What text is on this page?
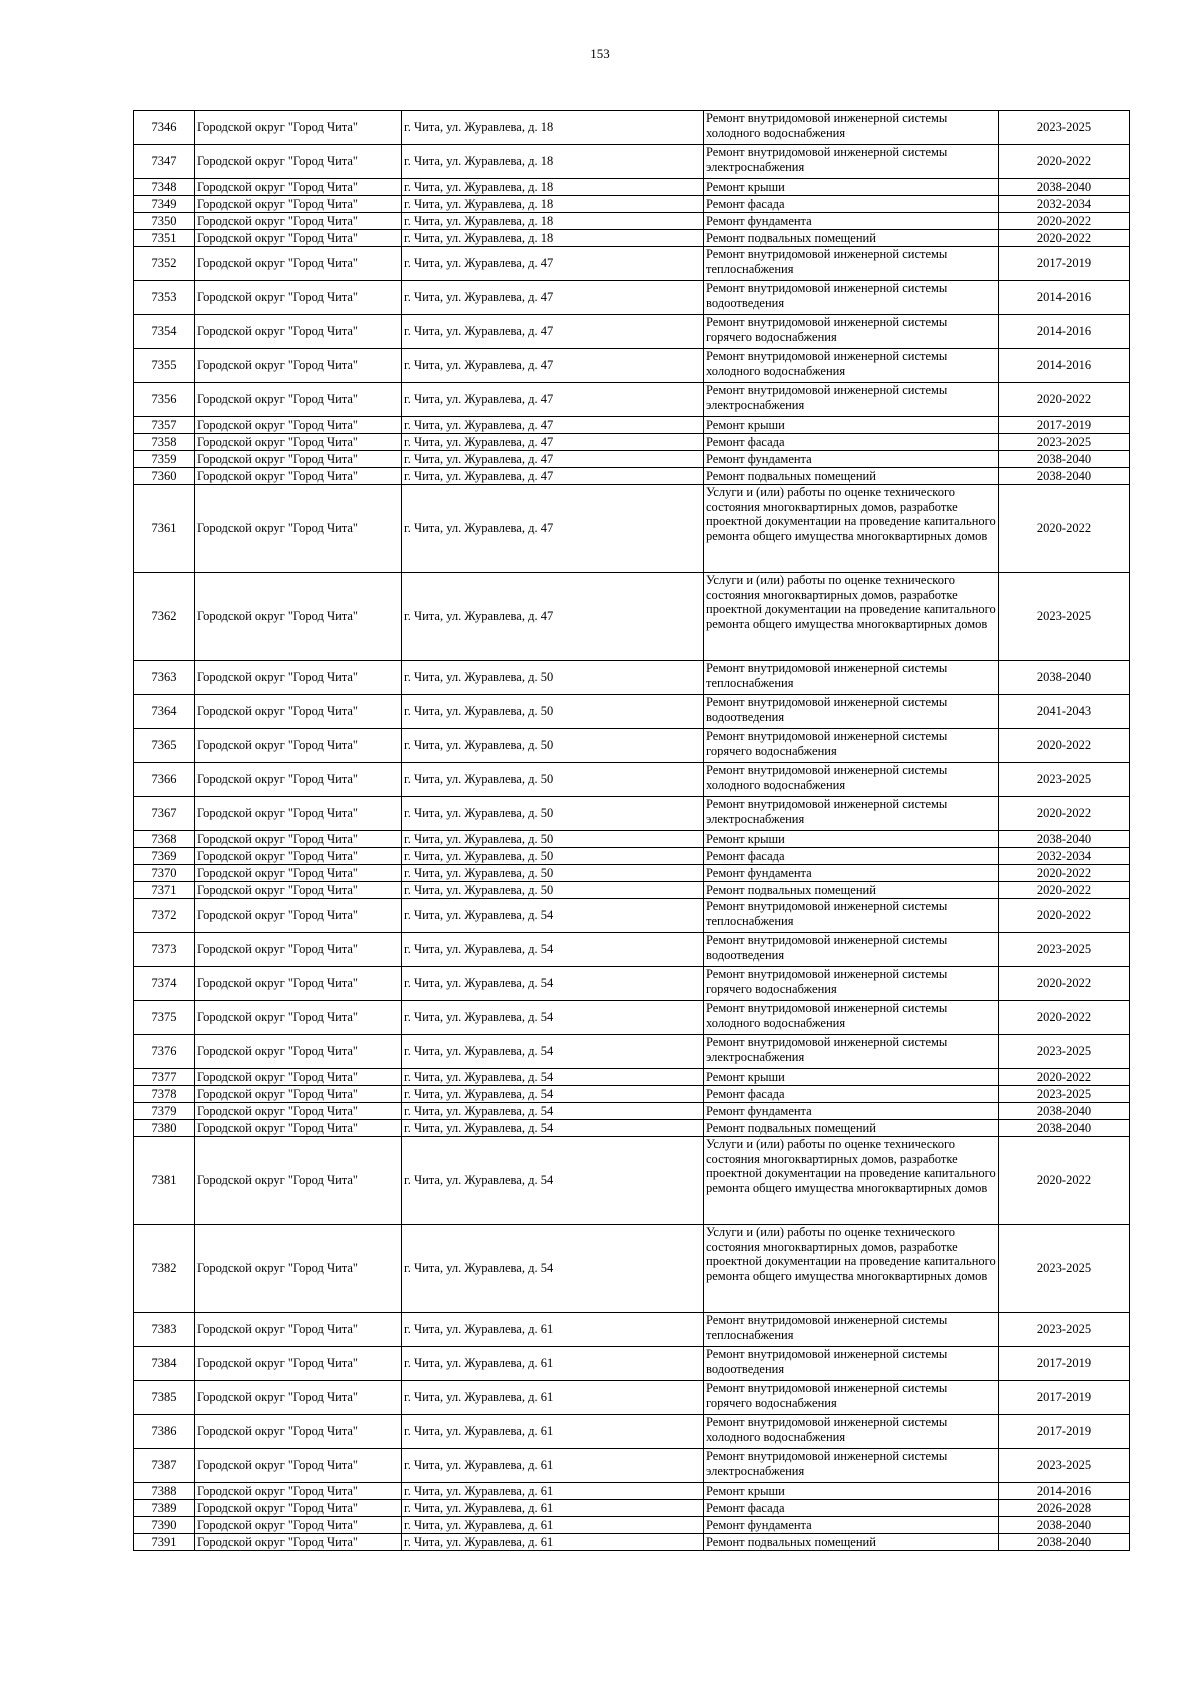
153
7346	Городской округ "Город Чита"	г. Чита, ул. Журавлева, д. 18	Ремонт внутридомовой инженерной системы холодного водоснабжения	2023-2025
7347	Городской округ "Город Чита"	г. Чита, ул. Журавлева, д. 18	Ремонт внутридомовой инженерной системы электроснабжения	2020-2022
7348	Городской округ "Город Чита"	г. Чита, ул. Журавлева, д. 18	Ремонт крыши	2038-2040
7349	Городской округ "Город Чита"	г. Чита, ул. Журавлева, д. 18	Ремонт фасада	2032-2034
7350	Городской округ "Город Чита"	г. Чита, ул. Журавлева, д. 18	Ремонт фундамента	2020-2022
7351	Городской округ "Город Чита"	г. Чита, ул. Журавлева, д. 18	Ремонт подвальных помещений	2020-2022
7352	Городской округ "Город Чита"	г. Чита, ул. Журавлева, д. 47	Ремонт внутридомовой инженерной системы теплоснабжения	2017-2019
7353	Городской округ "Город Чита"	г. Чита, ул. Журавлева, д. 47	Ремонт внутридомовой инженерной системы водоотведения	2014-2016
7354	Городской округ "Город Чита"	г. Чита, ул. Журавлева, д. 47	Ремонт внутридомовой инженерной системы горячего водоснабжения	2014-2016
7355	Городской округ "Город Чита"	г. Чита, ул. Журавлева, д. 47	Ремонт внутридомовой инженерной системы холодного водоснабжения	2014-2016
7356	Городской округ "Город Чита"	г. Чита, ул. Журавлева, д. 47	Ремонт внутридомовой инженерной системы электроснабжения	2020-2022
7357	Городской округ "Город Чита"	г. Чита, ул. Журавлева, д. 47	Ремонт крыши	2017-2019
7358	Городской округ "Город Чита"	г. Чита, ул. Журавлева, д. 47	Ремонт фасада	2023-2025
7359	Городской округ "Город Чита"	г. Чита, ул. Журавлева, д. 47	Ремонт фундамента	2038-2040
7360	Городской округ "Город Чита"	г. Чита, ул. Журавлева, д. 47	Ремонт подвальных помещений	2038-2040
7361	Городской округ "Город Чита"	г. Чита, ул. Журавлева, д. 47	Услуги и (или) работы по оценке технического состояния многоквартирных домов, разработке проектной документации на проведение капитального ремонта общего имущества многоквартирных домов	2020-2022
7362	Городской округ "Город Чита"	г. Чита, ул. Журавлева, д. 47	Услуги и (или) работы по оценке технического состояния многоквартирных домов, разработке проектной документации на проведение капитального ремонта общего имущества многоквартирных домов	2023-2025
7363	Городской округ "Город Чита"	г. Чита, ул. Журавлева, д. 50	Ремонт внутридомовой инженерной системы теплоснабжения	2038-2040
7364	Городской округ "Город Чита"	г. Чита, ул. Журавлева, д. 50	Ремонт внутридомовой инженерной системы водоотведения	2041-2043
7365	Городской округ "Город Чита"	г. Чита, ул. Журавлева, д. 50	Ремонт внутридомовой инженерной системы горячего водоснабжения	2020-2022
7366	Городской округ "Город Чита"	г. Чита, ул. Журавлева, д. 50	Ремонт внутридомовой инженерной системы холодного водоснабжения	2023-2025
7367	Городской округ "Город Чита"	г. Чита, ул. Журавлева, д. 50	Ремонт внутридомовой инженерной системы электроснабжения	2020-2022
7368	Городской округ "Город Чита"	г. Чита, ул. Журавлева, д. 50	Ремонт крыши	2038-2040
7369	Городской округ "Город Чита"	г. Чита, ул. Журавлева, д. 50	Ремонт фасада	2032-2034
7370	Городской округ "Город Чита"	г. Чита, ул. Журавлева, д. 50	Ремонт фундамента	2020-2022
7371	Городской округ "Город Чита"	г. Чита, ул. Журавлева, д. 50	Ремонт подвальных помещений	2020-2022
7372	Городской округ "Город Чита"	г. Чита, ул. Журавлева, д. 54	Ремонт внутридомовой инженерной системы теплоснабжения	2020-2022
7373	Городской округ "Город Чита"	г. Чита, ул. Журавлева, д. 54	Ремонт внутридомовой инженерной системы водоотведения	2023-2025
7374	Городской округ "Город Чита"	г. Чита, ул. Журавлева, д. 54	Ремонт внутридомовой инженерной системы горячего водоснабжения	2020-2022
7375	Городской округ "Город Чита"	г. Чита, ул. Журавлева, д. 54	Ремонт внутридомовой инженерной системы холодного водоснабжения	2020-2022
7376	Городской округ "Город Чита"	г. Чита, ул. Журавлева, д. 54	Ремонт внутридомовой инженерной системы электроснабжения	2023-2025
7377	Городской округ "Город Чита"	г. Чита, ул. Журавлева, д. 54	Ремонт крыши	2020-2022
7378	Городской округ "Город Чита"	г. Чита, ул. Журавлева, д. 54	Ремонт фасада	2023-2025
7379	Городской округ "Город Чита"	г. Чита, ул. Журавлева, д. 54	Ремонт фундамента	2038-2040
7380	Городской округ "Город Чита"	г. Чита, ул. Журавлева, д. 54	Ремонт подвальных помещений	2038-2040
7381	Городской округ "Город Чита"	г. Чита, ул. Журавлева, д. 54	Услуги и (или) работы по оценке технического состояния многоквартирных домов, разработке проектной документации на проведение капитального ремонта общего имущества многоквартирных домов	2020-2022
7382	Городской округ "Город Чита"	г. Чита, ул. Журавлева, д. 54	Услуги и (или) работы по оценке технического состояния многоквартирных домов, разработке проектной документации на проведение капитального ремонта общего имущества многоквартирных домов	2023-2025
7383	Городской округ "Город Чита"	г. Чита, ул. Журавлева, д. 61	Ремонт внутридомовой инженерной системы теплоснабжения	2023-2025
7384	Городской округ "Город Чита"	г. Чита, ул. Журавлева, д. 61	Ремонт внутридомовой инженерной системы водоотведения	2017-2019
7385	Городской округ "Город Чита"	г. Чита, ул. Журавлева, д. 61	Ремонт внутридомовой инженерной системы горячего водоснабжения	2017-2019
7386	Городской округ "Город Чита"	г. Чита, ул. Журавлева, д. 61	Ремонт внутридомовой инженерной системы холодного водоснабжения	2017-2019
7387	Городской округ "Город Чита"	г. Чита, ул. Журавлева, д. 61	Ремонт внутридомовой инженерной системы электроснабжения	2023-2025
7388	Городской округ "Город Чита"	г. Чита, ул. Журавлева, д. 61	Ремонт крыши	2014-2016
7389	Городской округ "Город Чита"	г. Чита, ул. Журавлева, д. 61	Ремонт фасада	2026-2028
7390	Городской округ "Город Чита"	г. Чита, ул. Журавлева, д. 61	Ремонт фундамента	2038-2040
7391	Городской округ "Город Чита"	г. Чита, ул. Журавлева, д. 61	Ремонт подвальных помещений	2038-2040
